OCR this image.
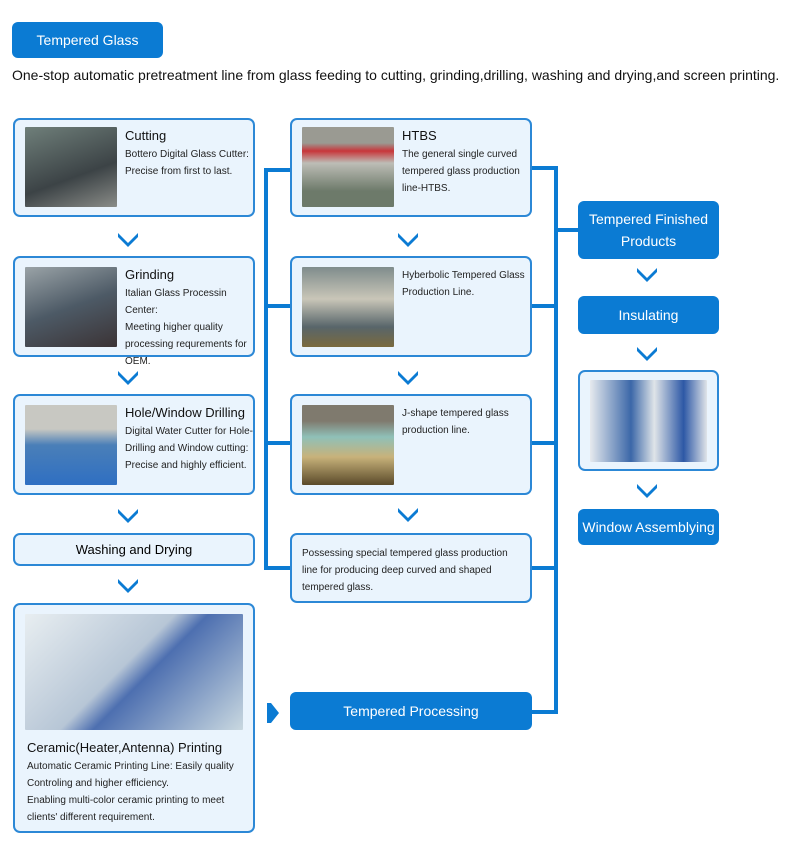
Tempered Glass
One-stop automatic pretreatment line from glass feeding to cutting, grinding,drilling, washing and drying,and screen printing.
Cutting
Bottero Digital Glass Cutter:
Precise from first to last.
Grinding
Italian Glass Processin Center:
Meeting higher quality
processing requrements for
OEM.
Hole/Window Drilling
Digital Water Cutter for Hole-
Drilling and Window cutting:
Precise and highly efficient.
Washing and Drying
Ceramic(Heater,Antenna) Printing
Automatic Ceramic Printing Line: Easily quality
Controling and higher efficiency.
Enabling multi-color ceramic printing to meet
clients' different requirement.
HTBS
The general single curved
tempered glass production
line-HTBS.
Hyberbolic Tempered Glass
Production Line.
J-shape tempered glass
production line.
Possessing special tempered glass production
line for producing deep curved and shaped
tempered glass.
Tempered Processing
Tempered Finished Products
Insulating
Window Assemblying
